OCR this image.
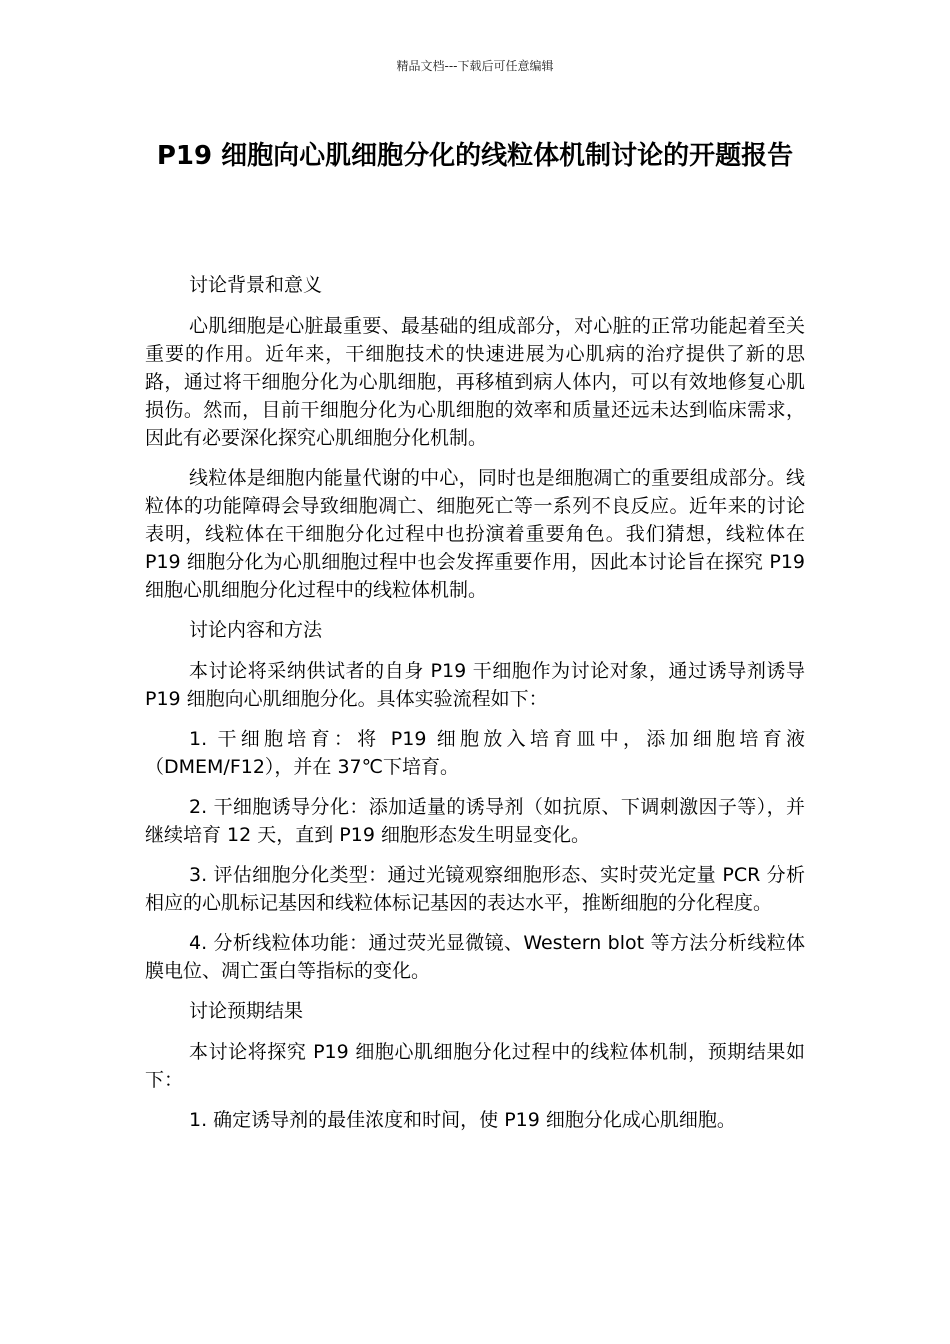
精品文档---下载后可任意编辑
P19 细胞向心肌细胞分化的线粒体机制讨论的开题报告

讨论背景和意义

心肌细胞是心脏最重要、最基础的组成部分，对心脏的正常功能起着至关重要的作用。近年来，干细胞技术的快速进展为心肌病的治疗提供了新的思路，通过将干细胞分化为心肌细胞，再移植到病人体内，可以有效地修复心肌损伤。然而，目前干细胞分化为心肌细胞的效率和质量还远未达到临床需求，因此有必要深化探究心肌细胞分化机制。

线粒体是细胞内能量代谢的中心，同时也是细胞凋亡的重要组成部分。线粒体的功能障碍会导致细胞凋亡、细胞死亡等一系列不良反应。近年来的讨论表明，线粒体在干细胞分化过程中也扮演着重要角色。我们猜想，线粒体在 P19 细胞分化为心肌细胞过程中也会发挥重要作用，因此本讨论旨在探究 P19 细胞心肌细胞分化过程中的线粒体机制。

讨论内容和方法

本讨论将采纳供试者的自身 P19 干细胞作为讨论对象，通过诱导剂诱导 P19 细胞向心肌细胞分化。具体实验流程如下：

1. 干细胞培育：将 P19 细胞放入培育皿中，添加细胞培育液（DMEM/F12），并在 37℃下培育。

2. 干细胞诱导分化：添加适量的诱导剂（如抗原、下调刺激因子等），并继续培育 12 天，直到 P19 细胞形态发生明显变化。

3. 评估细胞分化类型：通过光镜观察细胞形态、实时荧光定量 PCR 分析相应的心肌标记基因和线粒体标记基因的表达水平，推断细胞的分化程度。

4. 分析线粒体功能：通过荧光显微镜、Western blot 等方法分析线粒体膜电位、凋亡蛋白等指标的变化。

讨论预期结果

本讨论将探究 P19 细胞心肌细胞分化过程中的线粒体机制，预期结果如下：

1. 确定诱导剂的最佳浓度和时间，使 P19 细胞分化成心肌细胞。
